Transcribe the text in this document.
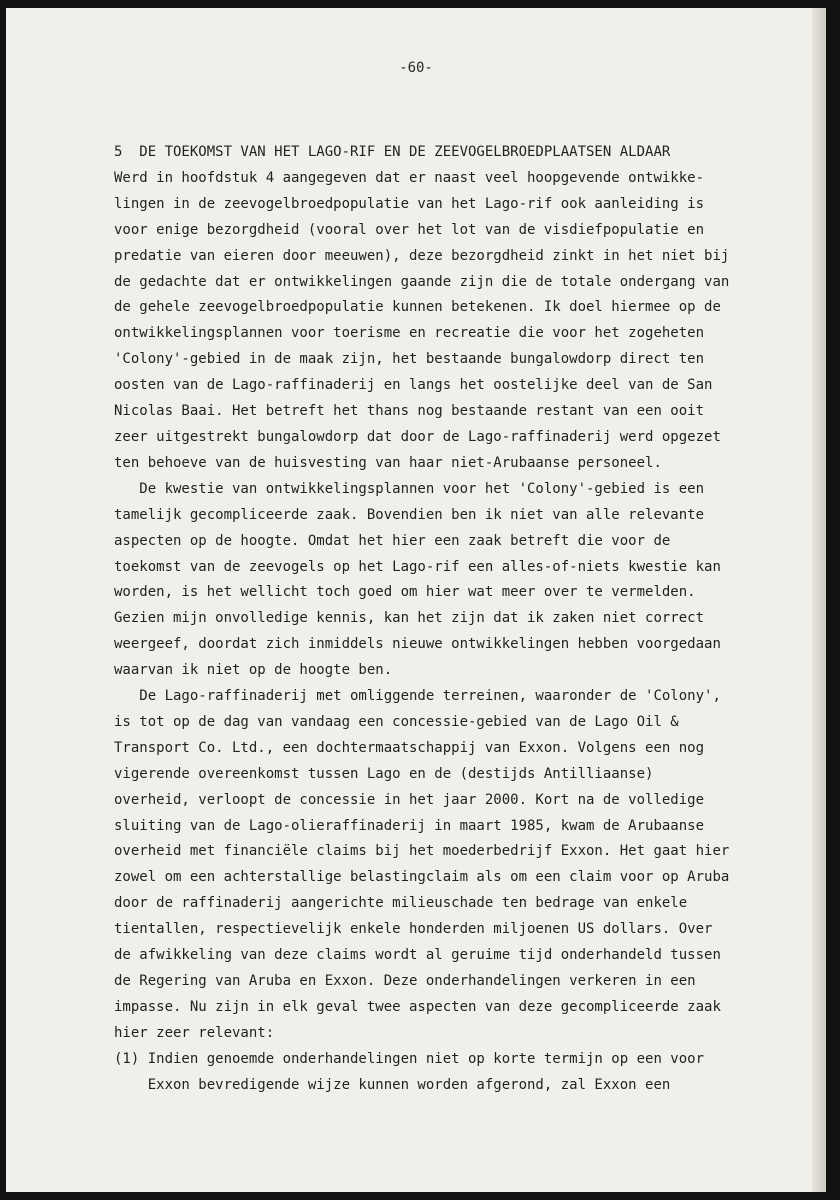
-60-
5  DE TOEKOMST VAN HET LAGO-RIF EN DE ZEEVOGELBROEDPLAATSEN ALDAAR
Werd in hoofdstuk 4 aangegeven dat er naast veel hoopgevende ontwikke-
lingen in de zeevogelbroedpopulatie van het Lago-rif ook aanleiding is
voor enige bezorgdheid (vooral over het lot van de visdiefpopulatie en
predatie van eieren door meeuwen), deze bezorgdheid zinkt in het niet bij
de gedachte dat er ontwikkelingen gaande zijn die de totale ondergang van
de gehele zeevogelbroedpopulatie kunnen betekenen. Ik doel hiermee op de
ontwikkelingsplannen voor toerisme en recreatie die voor het zogeheten
'Colony'-gebied in de maak zijn, het bestaande bungalowdorp direct ten
oosten van de Lago-raffinaderij en langs het oostelijke deel van de San
Nicolas Baai. Het betreft het thans nog bestaande restant van een ooit
zeer uitgestrekt bungalowdorp dat door de Lago-raffinaderij werd opgezet
ten behoeve van de huisvesting van haar niet-Arubaanse personeel.
De kwestie van ontwikkelingsplannen voor het 'Colony'-gebied is een
tamelijk gecompliceerde zaak. Bovendien ben ik niet van alle relevante
aspecten op de hoogte. Omdat het hier een zaak betreft die voor de
toekomst van de zeevogels op het Lago-rif een alles-of-niets kwestie kan
worden, is het wellicht toch goed om hier wat meer over te vermelden.
Gezien mijn onvolledige kennis, kan het zijn dat ik zaken niet correct
weergeef, doordat zich inmiddels nieuwe ontwikkelingen hebben voorgedaan
waarvan ik niet op de hoogte ben.
De Lago-raffinaderij met omliggende terreinen, waaronder de 'Colony',
is tot op de dag van vandaag een concessie-gebied van de Lago Oil &
Transport Co. Ltd., een dochtermaatschappij van Exxon. Volgens een nog
vigerende overeenkomst tussen Lago en de (destijds Antilliaanse)
overheid, verloopt de concessie in het jaar 2000. Kort na de volledige
sluiting van de Lago-olieraffinaderij in maart 1985, kwam de Arubaanse
overheid met financiële claims bij het moederbedrijf Exxon. Het gaat hier
zowel om een achterstallige belastingclaim als om een claim voor op Aruba
door de raffinaderij aangerichte milieuschade ten bedrage van enkele
tientallen, respectievelijk enkele honderden miljoenen US dollars. Over
de afwikkeling van deze claims wordt al geruime tijd onderhandeld tussen
de Regering van Aruba en Exxon. Deze onderhandelingen verkeren in een
impasse. Nu zijn in elk geval twee aspecten van deze gecompliceerde zaak
hier zeer relevant:
(1) Indien genoemde onderhandelingen niet op korte termijn op een voor
Exxon bevredigende wijze kunnen worden afgerond, zal Exxon een
